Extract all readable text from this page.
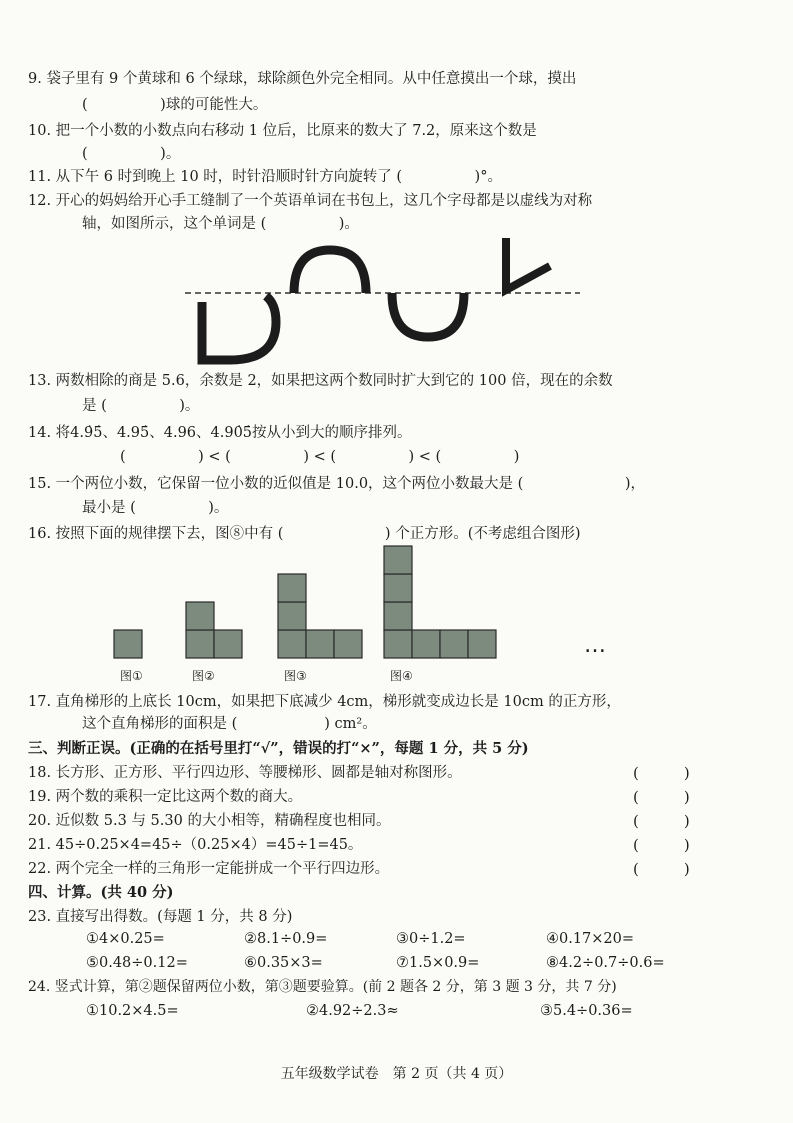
9. 袋子里有 9 个黄球和 6 个绿球，球除颜色外完全相同。从中任意摸出一个球，摸出
(　　　　　)球的可能性大。
10. 把一个小数的小数点向右移动 1 位后，比原来的数大了 7.2，原来这个数是
(　　　　　)。
11. 从下午 6 时到晚上 10 时，时针沿顺时针方向旋转了 (　　　　　)°。
12. 开心的妈妈给开心手工缝制了一个英语单词在书包上，这几个字母都是以虚线为对称
轴，如图所示，这个单词是 (　　　　　)。
13. 两数相除的商是 5.6，余数是 2，如果把这两个数同时扩大到它的 100 倍，现在的余数
是 (　　　　　)。
14. 将4.9̇5̇、4.95̇、4.96、4.90̇5̇按从小到大的顺序排列。
(　　　　　) < (　　　　　) < (　　　　　) < (　　　　　)
15. 一个两位小数，它保留一位小数的近似值是 10.0，这个两位小数最大是 (　　　　　　　)，
最小是 (　　　　　)。
16. 按照下面的规律摆下去，图⑧中有 (　　　　　　　) 个正方形。(不考虑组合图形)
图①	图②	图③	图④
…
17. 直角梯形的上底长 10cm，如果把下底减少 4cm，梯形就变成边长是 10cm 的正方形，
这个直角梯形的面积是 (　　　　　　) cm²。
三、判断正误。(正确的在括号里打“√”，错误的打“×”，每题 1 分，共 5 分)
18. 长方形、正方形、平行四边形、等腰梯形、圆都是轴对称图形。	(　　　)
19. 两个数的乘积一定比这两个数的商大。	(　　　)
20. 近似数 5.3 与 5.30 的大小相等，精确程度也相同。	(　　　)
21. 45÷0.25×4=45÷（0.25×4）=45÷1=45。	(　　　)
22. 两个完全一样的三角形一定能拼成一个平行四边形。	(　　　)
四、计算。(共 40 分)
23. 直接写出得数。(每题 1 分，共 8 分)
①4×0.25=	②8.1÷0.9=	③0÷1.2=	④0.17×20=
⑤0.48÷0.12=	⑥0.35×3=	⑦1.5×0.9=	⑧4.2÷0.7÷0.6=
24. 竖式计算，第②题保留两位小数，第③题要验算。(前 2 题各 2 分，第 3 题 3 分，共 7 分)
①10.2×4.5=	②4.92÷2.3≈	③5.4÷0.36=
五年级数学试卷　第 2 页（共 4 页）
